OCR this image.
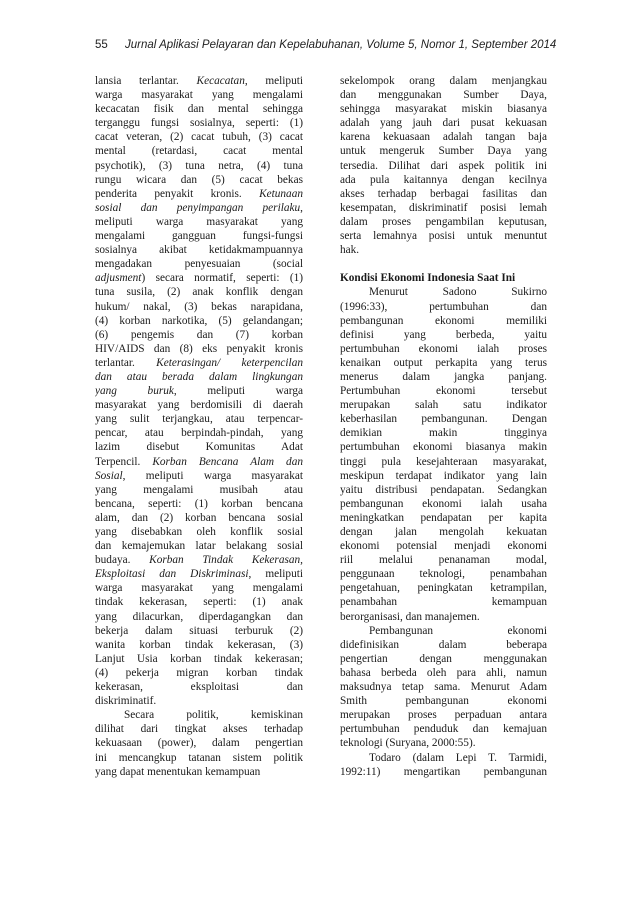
55 Jurnal Aplikasi Pelayaran dan Kepelabuhanan, Volume 5, Nomor 1, September 2014
lansia terlantar. Kecacatan, meliputi
warga masyarakat yang mengalami
kecacatan fisik dan mental sehingga
terganggu fungsi sosialnya, seperti: (1)
cacat veteran, (2) cacat tubuh, (3) cacat
mental (retardasi, cacat mental
psychotik), (3) tuna netra, (4) tuna
rungu wicara dan (5) cacat bekas
penderita penyakit kronis. Ketunaan
sosial dan penyimpangan perilaku,
meliputi warga masyarakat yang
mengalami gangguan fungsi-fungsi
sosialnya akibat ketidakmampuannya
mengadakan penyesuaian (social
adjusment) secara normatif, seperti: (1)
tuna susila, (2) anak konflik dengan
hukum/ nakal, (3) bekas narapidana,
(4) korban narkotika, (5) gelandangan;
(6) pengemis dan (7) korban
HIV/AIDS dan (8) eks penyakit kronis
terlantar. Keterasingan/ keterpencilan
dan atau berada dalam lingkungan
yang buruk, meliputi warga
masyarakat yang berdomisili di daerah
yang sulit terjangkau, atau terpencar-
pencar, atau berpindah-pindah, yang
lazim disebut Komunitas Adat
Terpencil. Korban Bencana Alam dan
Sosial, meliputi warga masyarakat
yang mengalami musibah atau
bencana, seperti: (1) korban bencana
alam, dan (2) korban bencana sosial
yang disebabkan oleh konflik sosial
dan kemajemukan latar belakang sosial
budaya. Korban Tindak Kekerasan,
Eksploitasi dan Diskriminasi, meliputi
warga masyarakat yang mengalami
tindak kekerasan, seperti: (1) anak
yang dilacurkan, diperdagangkan dan
bekerja dalam situasi terburuk (2)
wanita korban tindak kekerasan, (3)
Lanjut Usia korban tindak kekerasan;
(4) pekerja migran korban tindak
kekerasan, eksploitasi dan
diskriminatif.
Secara politik, kemiskinan
dilihat dari tingkat akses terhadap
kekuasaan (power), dalam pengertian
ini mencangkup tatanan sistem politik
yang dapat menentukan kemampuan
sekelompok orang dalam menjangkau
dan menggunakan Sumber Daya,
sehingga masyarakat miskin biasanya
adalah yang jauh dari pusat kekuasan
karena kekuasaan adalah tangan baja
untuk mengeruk Sumber Daya yang
tersedia. Dilihat dari aspek politik ini
ada pula kaitannya dengan kecilnya
akses terhadap berbagai fasilitas dan
kesempatan, diskriminatif posisi lemah
dalam proses pengambilan keputusan,
serta lemahnya posisi untuk menuntut
hak.
Kondisi Ekonomi Indonesia Saat Ini
Menurut Sadono Sukirno
(1996:33), pertumbuhan dan
pembangunan ekonomi memiliki
definisi yang berbeda, yaitu
pertumbuhan ekonomi ialah proses
kenaikan output perkapita yang terus
menerus dalam jangka panjang.
Pertumbuhan ekonomi tersebut
merupakan salah satu indikator
keberhasilan pembangunan. Dengan
demikian makin tingginya
pertumbuhan ekonomi biasanya makin
tinggi pula kesejahteraan masyarakat,
meskipun terdapat indikator yang lain
yaitu distribusi pendapatan. Sedangkan
pembangunan ekonomi ialah usaha
meningkatkan pendapatan per kapita
dengan jalan mengolah kekuatan
ekonomi potensial menjadi ekonomi
riil melalui penanaman modal,
penggunaan teknologi, penambahan
pengetahuan, peningkatan ketrampilan,
penambahan kemampuan
berorganisasi, dan manajemen.
Pembangunan ekonomi
didefinisikan dalam beberapa
pengertian dengan menggunakan
bahasa berbeda oleh para ahli, namun
maksudnya tetap sama. Menurut Adam
Smith pembangunan ekonomi
merupakan proses perpaduan antara
pertumbuhan penduduk dan kemajuan
teknologi (Suryana, 2000:55).
Todaro (dalam Lepi T. Tarmidi,
1992:11) mengartikan pembangunan
